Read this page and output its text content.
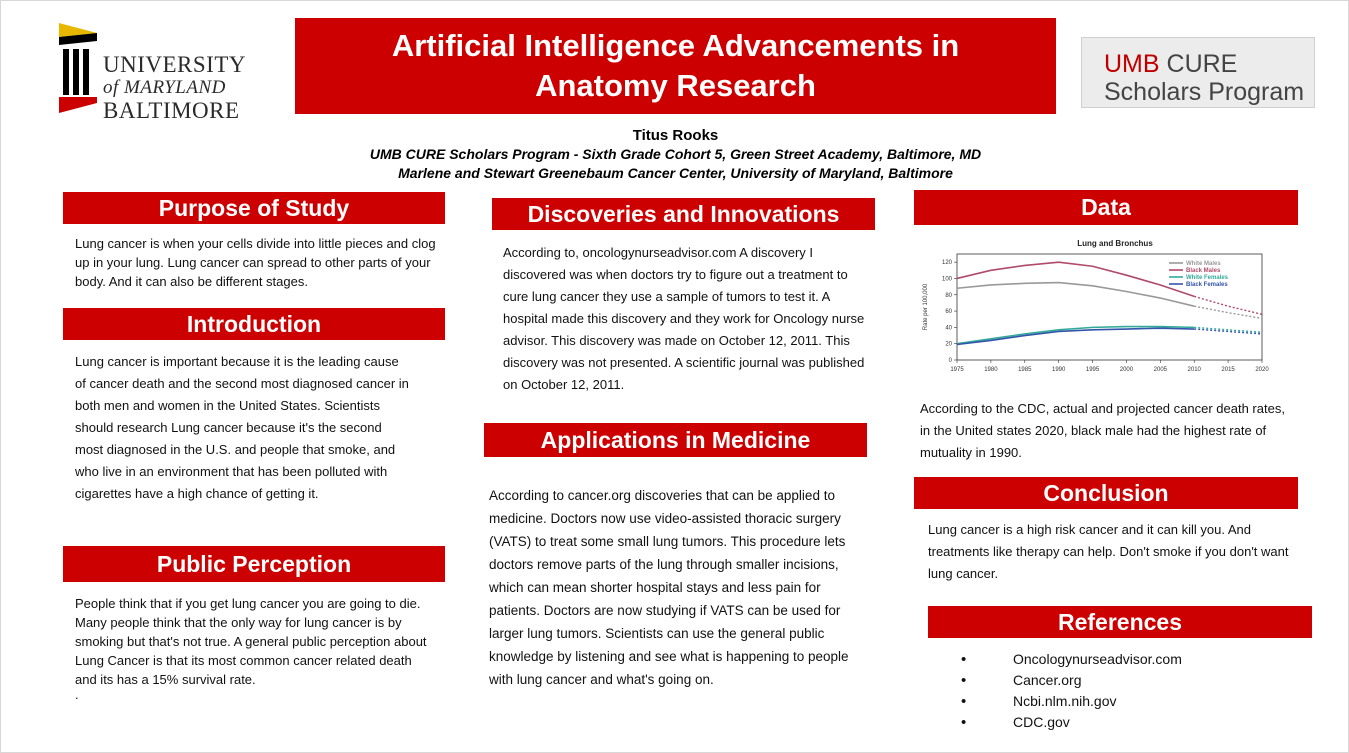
UNIVERSITY
of MARYLAND
BALTIMORE
Artificial Intelligence Advancements in Anatomy Research
UMB CURE
Scholars Program
Titus Rooks
UMB CURE Scholars Program - Sixth Grade Cohort 5, Green Street Academy, Baltimore, MD
Marlene and Stewart Greenebaum Cancer Center, University of Maryland, Baltimore
Purpose of Study
Lung cancer is when your cells divide into little pieces and clog up in your lung. Lung cancer can spread to other parts of your body. And it can also be different stages.
Introduction
Lung cancer is important because it is the leading cause of cancer death and the second most diagnosed cancer in both men and women in the United States. Scientists should research Lung cancer because it's the second most diagnosed in the U.S. and people that smoke, and who live in an environment that has been polluted with cigarettes have a high chance of getting it.
Public Perception
People think that if you get lung cancer you are going to die. Many people think that the only way for lung cancer is by smoking but that's not true. A general public perception about Lung Cancer is that its most common cancer related death and its has a 15% survival rate.
.
Discoveries and Innovations
According to, oncologynurseadvisor.com A discovery I discovered was when doctors try to figure out a treatment to cure lung cancer they use a sample of tumors to test it. A hospital made this discovery and they work for Oncology nurse advisor. This discovery was made on October 12, 2011. This discovery was not presented. A scientific journal was published on October 12, 2011.
Applications in Medicine
According to cancer.org discoveries that can be applied to medicine. Doctors now use video-assisted thoracic surgery (VATS) to treat some small lung tumors. This procedure lets doctors remove parts of the lung through smaller incisions, which can mean shorter hospital stays and less pain for patients. Doctors are now studying if VATS can be used for larger lung tumors. Scientists can use the general public knowledge by listening and see what is happening to people with lung cancer and what's going on.
Data
Lung and Bronchus
1975	1980	1985	1990	1995	2000	2005	2010	2015	2020
0
20
40
60
80
100
120
Rate per 100,000
White Males
Black Males
White Females
Black Females
According to the CDC, actual and projected cancer death rates, in the United states 2020, black male had the highest rate of mutuality in 1990.
Conclusion
Lung cancer is a high risk cancer and it can kill you. And treatments like therapy can help. Don't smoke if you don't want lung cancer.
References
• Oncologynurseadvisor.com
• Cancer.org
• Ncbi.nlm.nih.gov
• CDC.gov
